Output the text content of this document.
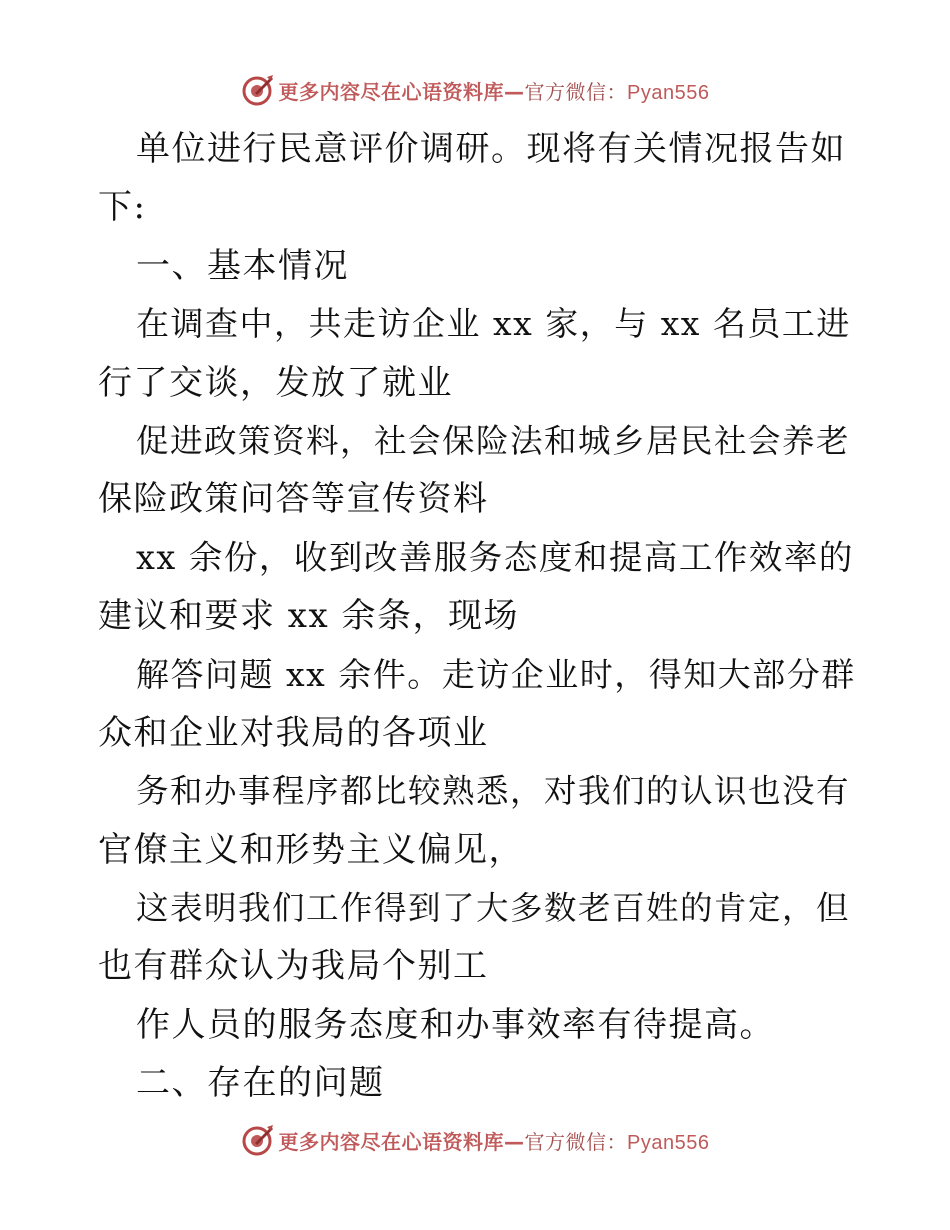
更多内容尽在心语资料库—官方微信：Pyan556
单位进行民意评价调研。现将有关情况报告如
下:
一、基本情况
在调查中，共走访企业 xx 家，与 xx 名员工进
行了交谈，发放了就业
促进政策资料，社会保险法和城乡居民社会养老
保险政策问答等宣传资料
xx 余份，收到改善服务态度和提高工作效率的
建议和要求 xx 余条，现场
解答问题 xx 余件。走访企业时，得知大部分群
众和企业对我局的各项业
务和办事程序都比较熟悉，对我们的认识也没有
官僚主义和形势主义偏见，
这表明我们工作得到了大多数老百姓的肯定，但
也有群众认为我局个别工
作人员的服务态度和办事效率有待提高。
二、存在的问题
更多内容尽在心语资料库—官方微信：Pyan556
